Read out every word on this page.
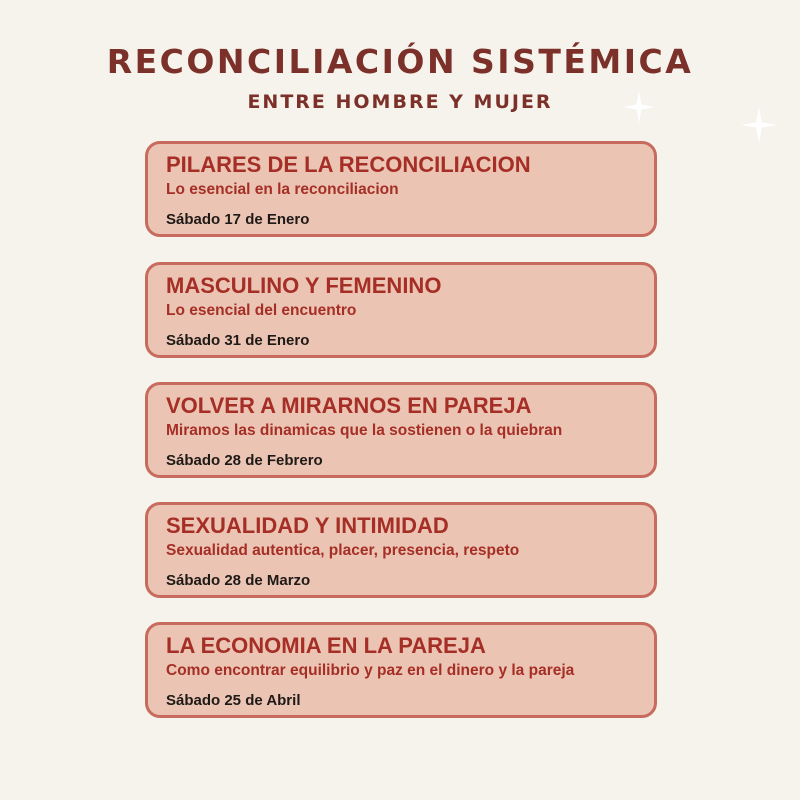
RECONCILIACIÓN SISTÉMICA
ENTRE HOMBRE Y MUJER
PILARES DE LA RECONCILIACION
Lo esencial en la reconciliacion
Sábado 17 de Enero
MASCULINO Y FEMENINO
Lo esencial del encuentro
Sábado 31 de Enero
VOLVER A MIRARNOS EN PAREJA
Miramos las dinamicas que la sostienen o la quiebran
Sábado 28 de Febrero
SEXUALIDAD Y INTIMIDAD
Sexualidad autentica, placer, presencia, respeto
Sábado 28 de Marzo
LA ECONOMIA EN LA PAREJA
Como encontrar equilibrio y paz en el dinero y la pareja
Sábado 25 de Abril
